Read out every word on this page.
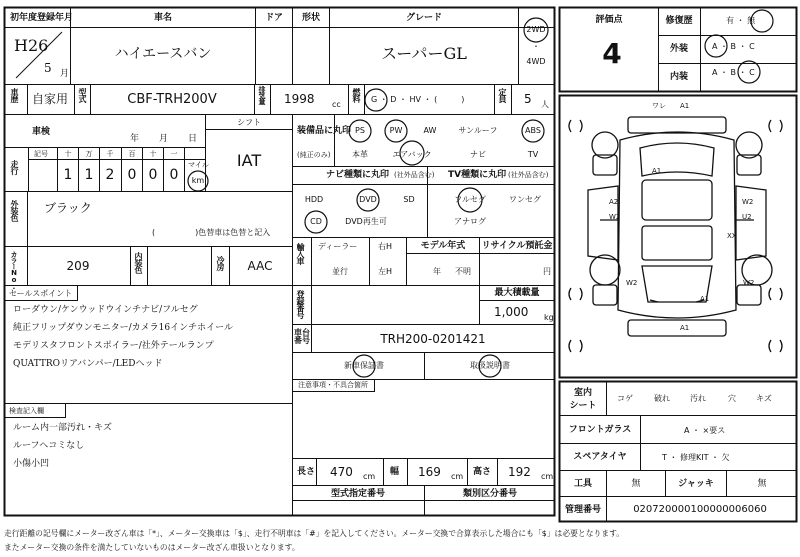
初年度登録年月
H26
5 月
車名
ハイエースバン
ドア 形状	グレード
スーパーGL
2WD
・
4WD
評価点
4
修復歴	有 ・ 無
外装	A ・ B ・ C
内装	A ・ B ・ C
車歴 自家用 型式	CBF-TRH200V	排気量 1998 cc
燃料 G ・ D ・ HV ・ (　　　)	定員 5 人
車検
年 月 日
走行
記号 十 万 千 百 十 一
1 1 2 0 0 0
マイル
km
シフト
IAT
装備品に丸印
(純正のみ)
PS	PW	AW	サンルーフ	ABS
本革	エアバック	ナビ	TV
ナビ種類に丸印 (社外品含む)
HDD	DVD	SD
CD	DVD再生可
TV種類に丸印 (社外品含む)
フルセグ	ワンセグ
アナログ
外装色 ブラック
(　　　　　)色替車は色替と記入
カラーNo.	209	内装色	冷房 AAC
輸入車 ディーラー
並行
右H
左H
モデル年式
年 不明
リサイクル預託金
円
セールスポイント
ローダウン/ケンウッドウインチナビ/フルセグ
純正フリップダウンモニター/カメラ16インチホイール
モデリスタフロントスポイラー/社外テールランプ
QUATTROリアバンパー/LEDヘッド
登録番号	最大積載量
1,000 kg
車台番号	TRH200-0201421
新車保証書	取扱説明書
注意事項・不具合箇所
検査記入欄
ルーム内一部汚れ・キズ
ルーフヘコミなし
小傷小凹
長さ 470 cm 幅 169 cm 高さ 192 cm
型式指定番号	類別区分番号
ワレ A1
A2
W2	U2
XX
W2
W2
A1
W2
A1
A1
室内
シート
コゲ	破れ	汚れ	穴	キズ
フロントガラス	A ・ ×要ス
スペアタイヤ	T ・ 修理KIT ・ 欠
工具	無	ジャッキ	無
管理番号	020720000100000006060
走行距離の記号欄にメーター改ざん車は「*」、メーター交換車は「$」、走行不明車は「#」を記入してください。メーター交換で合算表示した場合にも「$」は必要となります。
またメーター交換の条件を満たしていないものはメーター改ざん車扱いとなります。
